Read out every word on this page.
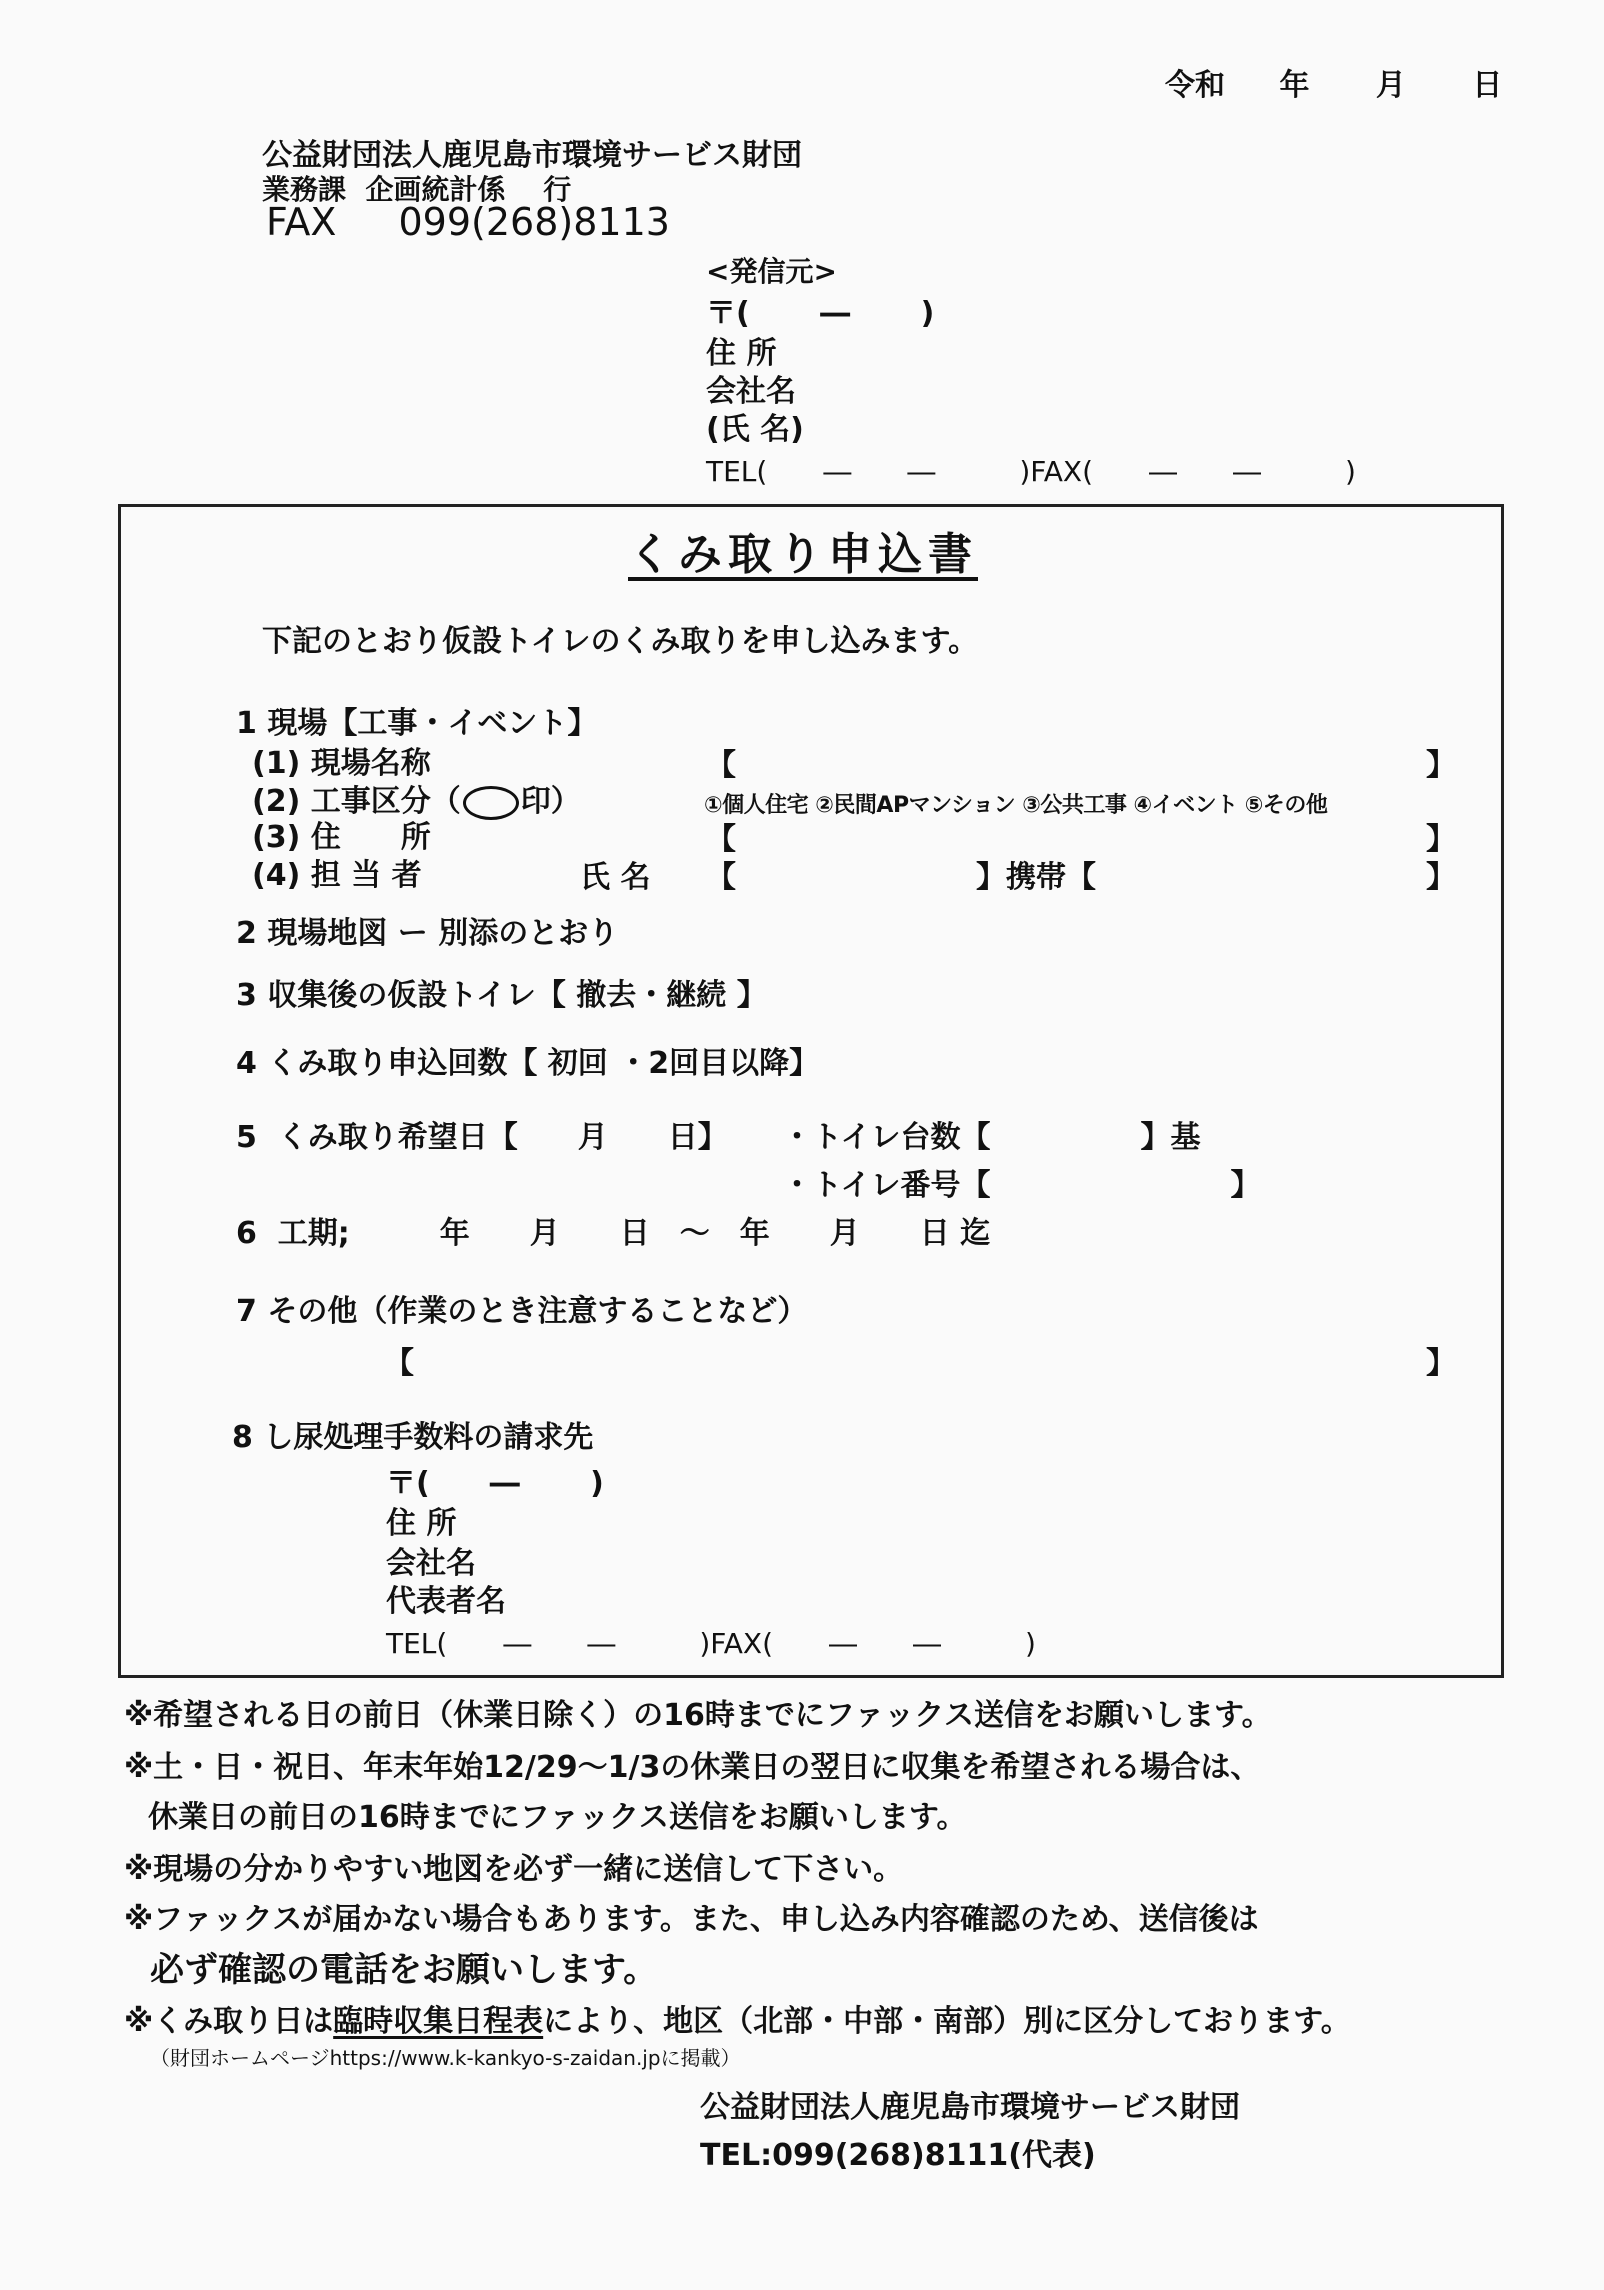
令和 年 月 日
公益財団法人鹿児島市環境サービス財団
業務課  企画統計係　 行
FAX 099(268)8113
<発信元>
〒(　　 ―　　 )
住 所
会社名
(氏 名)
TEL(　　―　　―　　　)FAX(　　―　　―　　　)
くみ取り申込書
下記のとおり仮設トイレのくみ取りを申し込みます。
1 現場【工事・イベント】
(1) 現場名称	【	】
(2) 工事区分（ ○ 印）	①個人住宅 ②民間APマンション ③公共工事 ④イベント ⑤その他
(3) 住　　所	【	】
(4) 担 当 者	氏 名 【　　　　　　　　】携帯【	】
2 現場地図 ー 別添のとおり
3 収集後の仮設トイレ【 撤去・継続 】
4 くみ取り申込回数【 初回 ・2回目以降】
5  くみ取り希望日【　　月　　日】 ・トイレ台数【　　　　　】基
・トイレ番号【　　　　　　　　】
6  工期;　　　年　　月　　日　～　年　　月　　日 迄
7 その他（作業のとき注意することなど）
【	】
8 し尿処理手数料の請求先
〒(　　―　　 )
住 所
会社名
代表者名
TEL(　　―　　―　　　)FAX(　　―　　―　　　)
※希望される日の前日（休業日除く）の16時までにファックス送信をお願いします。
※土・日・祝日、年末年始12/29～1/3の休業日の翌日に収集を希望される場合は、
休業日の前日の16時までにファックス送信をお願いします。
※現場の分かりやすい地図を必ず一緒に送信して下さい。
※ファックスが届かない場合もあります。また、申し込み内容確認のため、送信後は
必ず確認の電話をお願いします。
※くみ取り日は臨時収集日程表により、地区（北部・中部・南部）別に区分しております。
（財団ホームページhttps://www.k-kankyo-s-zaidan.jpに掲載）
公益財団法人鹿児島市環境サービス財団
TEL:099(268)8111(代表)
